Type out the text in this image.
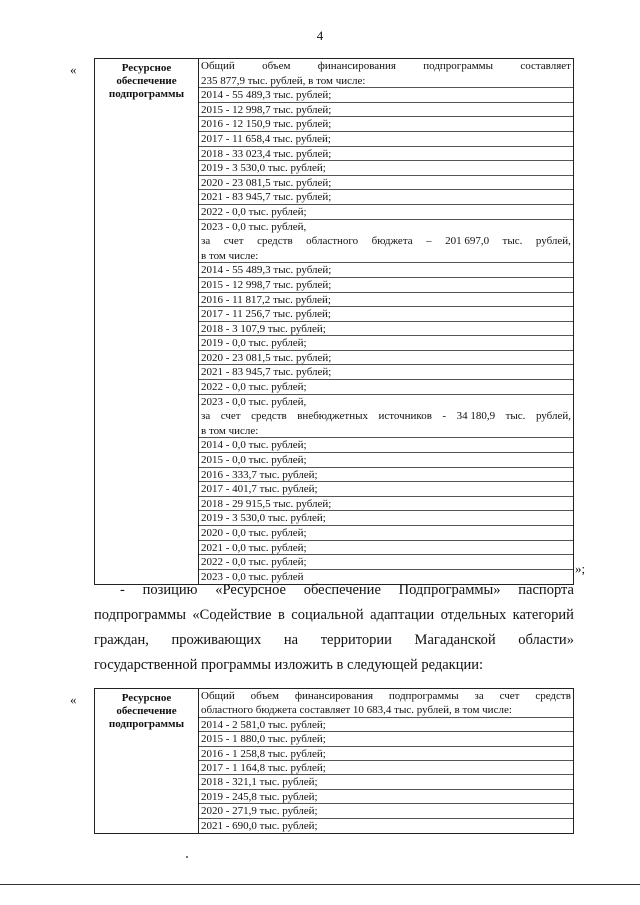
4
«	Ресурсное
обеспечение
подпрограммы
Общий объем финансирования подпрограммы составляет
235 877,9 тыс. рублей, в том числе:
2014 - 55 489,3 тыс. рублей;
2015 - 12 998,7 тыс. рублей;
2016 - 12 150,9 тыс. рублей;
2017 - 11 658,4 тыс. рублей;
2018 - 33 023,4 тыс. рублей;
2019 - 3 530,0 тыс. рублей;
2020 - 23 081,5 тыс. рублей;
2021 - 83 945,7 тыс. рублей;
2022 - 0,0 тыс. рублей;
2023 - 0,0 тыс. рублей,
за счет средств областного бюджета – 201 697,0 тыс. рублей,
в том числе:
2014 - 55 489,3 тыс. рублей;
2015 - 12 998,7 тыс. рублей;
2016 - 11 817,2 тыс. рублей;
2017 - 11 256,7 тыс. рублей;
2018 - 3 107,9 тыс. рублей;
2019 - 0,0 тыс. рублей;
2020 - 23 081,5 тыс. рублей;
2021 - 83 945,7 тыс. рублей;
2022 - 0,0 тыс. рублей;
2023 - 0,0 тыс. рублей,
за счет средств внебюджетных источников - 34 180,9 тыс. рублей,
в том числе:
2014 - 0,0 тыс. рублей;
2015 - 0,0 тыс. рублей;
2016 - 333,7 тыс. рублей;
2017 - 401,7 тыс. рублей;
2018 - 29 915,5 тыс. рублей;
2019 - 3 530,0 тыс. рублей;
2020 - 0,0 тыс. рублей;
2021 - 0,0 тыс. рублей;
2022 - 0,0 тыс. рублей;
2023 - 0,0 тыс. рублей
»;
- позицию «Ресурсное обеспечение Подпрограммы» паспорта
подпрограммы «Содействие в социальной адаптации отдельных категорий
граждан, проживающих на территории Магаданской области»
государственной программы изложить в следующей редакции:
«	Ресурсное
обеспечение
подпрограммы
Общий объем финансирования подпрограммы за счет средств
областного бюджета составляет 10 683,4 тыс. рублей, в том числе:
2014 - 2 581,0 тыс. рублей;
2015 - 1 880,0 тыс. рублей;
2016 - 1 258,8 тыс. рублей;
2017 - 1 164,8 тыс. рублей;
2018 - 321,1 тыс. рублей;
2019 - 245,8 тыс. рублей;
2020 - 271,9 тыс. рублей;
2021 - 690,0 тыс. рублей;
